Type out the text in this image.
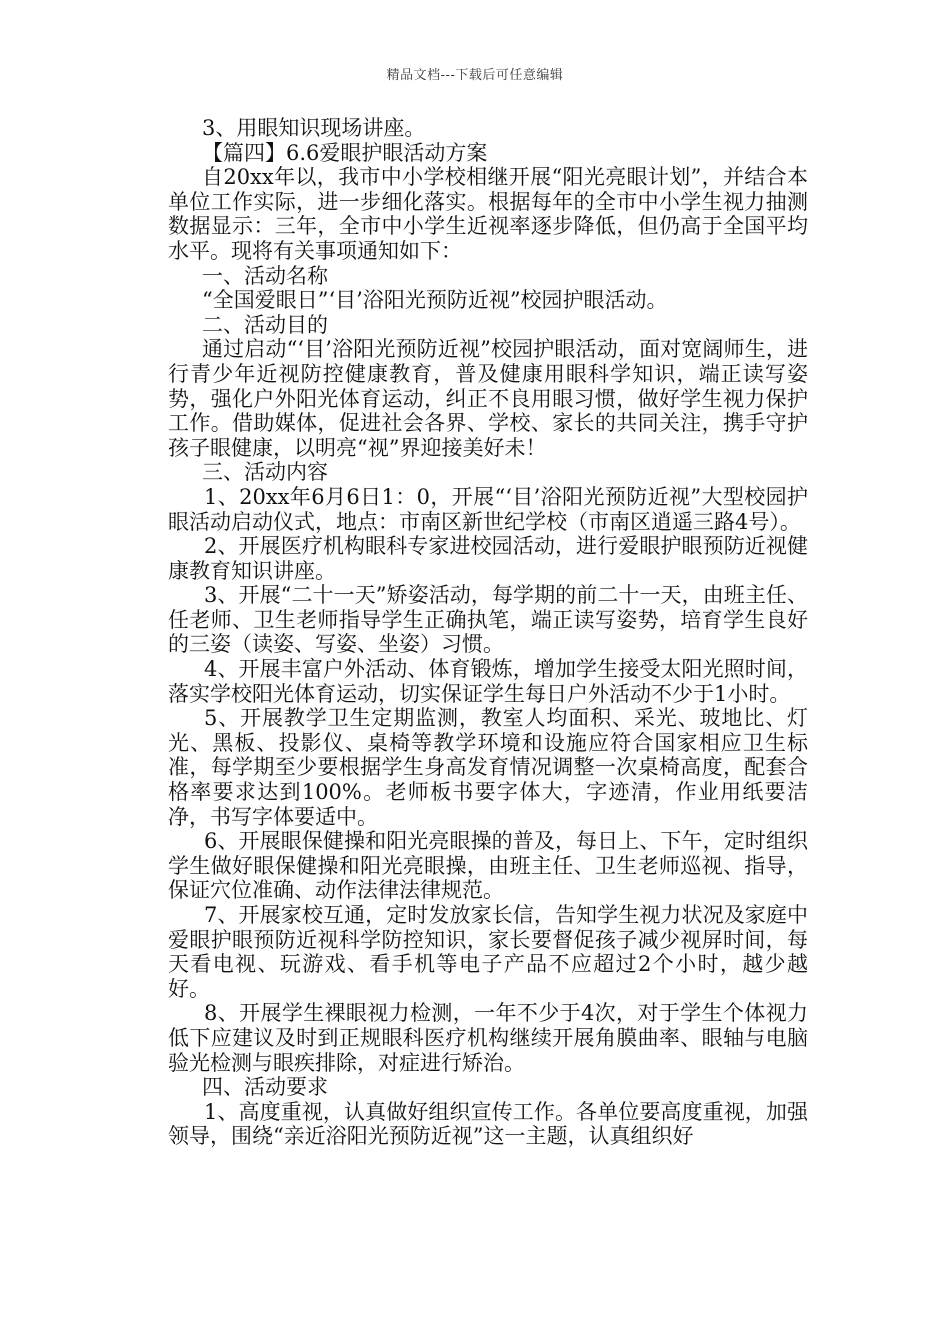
精品文档---下载后可任意编辑

3、用眼知识现场讲座。

【篇四】6.6爱眼护眼活动方案

自20xx年以，我市中小学校相继开展“阳光亮眼计划”，并结合本单位工作实际，进一步细化落实。根据每年的全市中小学生视力抽测数据显示：三年，全市中小学生近视率逐步降低，但仍高于全国平均水平。现将有关事项通知如下：

一、活动名称

“全国爱眼日”‘目’浴阳光预防近视”校园护眼活动。

二、活动目的

通过启动“‘目’浴阳光预防近视”校园护眼活动，面对宽阔师生，进行青少年近视防控健康教育，普及健康用眼科学知识，端正读写姿势，强化户外阳光体育运动，纠正不良用眼习惯，做好学生视力保护工作。借助媒体，促进社会各界、学校、家长的共同关注，携手守护孩子眼健康，以明亮“视”界迎接美好未！

三、活动内容

1、20xx年6月6日1：0，开展“‘目’浴阳光预防近视”大型校园护眼活动启动仪式，地点：市南区新世纪学校（市南区逍遥三路4号）。

2、开展医疗机构眼科专家进校园活动，进行爱眼护眼预防近视健康教育知识讲座。

3、开展“二十一天”矫姿活动，每学期的前二十一天，由班主任、任老师、卫生老师指导学生正确执笔，端正读写姿势，培育学生良好的三姿（读姿、写姿、坐姿）习惯。

4、开展丰富户外活动、体育锻炼，增加学生接受太阳光照时间，落实学校阳光体育运动，切实保证学生每日户外活动不少于1小时。

5、开展教学卫生定期监测，教室人均面积、采光、玻地比、灯光、黑板、投影仪、桌椅等教学环境和设施应符合国家相应卫生标准，每学期至少要根据学生身高发育情况调整一次桌椅高度，配套合格率要求达到100%。老师板书要字体大，字迹清，作业用纸要洁净，书写字体要适中。

6、开展眼保健操和阳光亮眼操的普及，每日上、下午，定时组织学生做好眼保健操和阳光亮眼操，由班主任、卫生老师巡视、指导，保证穴位准确、动作法律法律规范。

7、开展家校互通，定时发放家长信，告知学生视力状况及家庭中爱眼护眼预防近视科学防控知识，家长要督促孩子减少视屏时间，每天看电视、玩游戏、看手机等电子产品不应超过2个小时，越少越好。

8、开展学生裸眼视力检测，一年不少于4次，对于学生个体视力低下应建议及时到正规眼科医疗机构继续开展角膜曲率、眼轴与电脑验光检测与眼疾排除，对症进行矫治。

四、活动要求

1、高度重视，认真做好组织宣传工作。各单位要高度重视，加强领导，围绕“亲近浴阳光预防近视”这一主题，认真组织好
